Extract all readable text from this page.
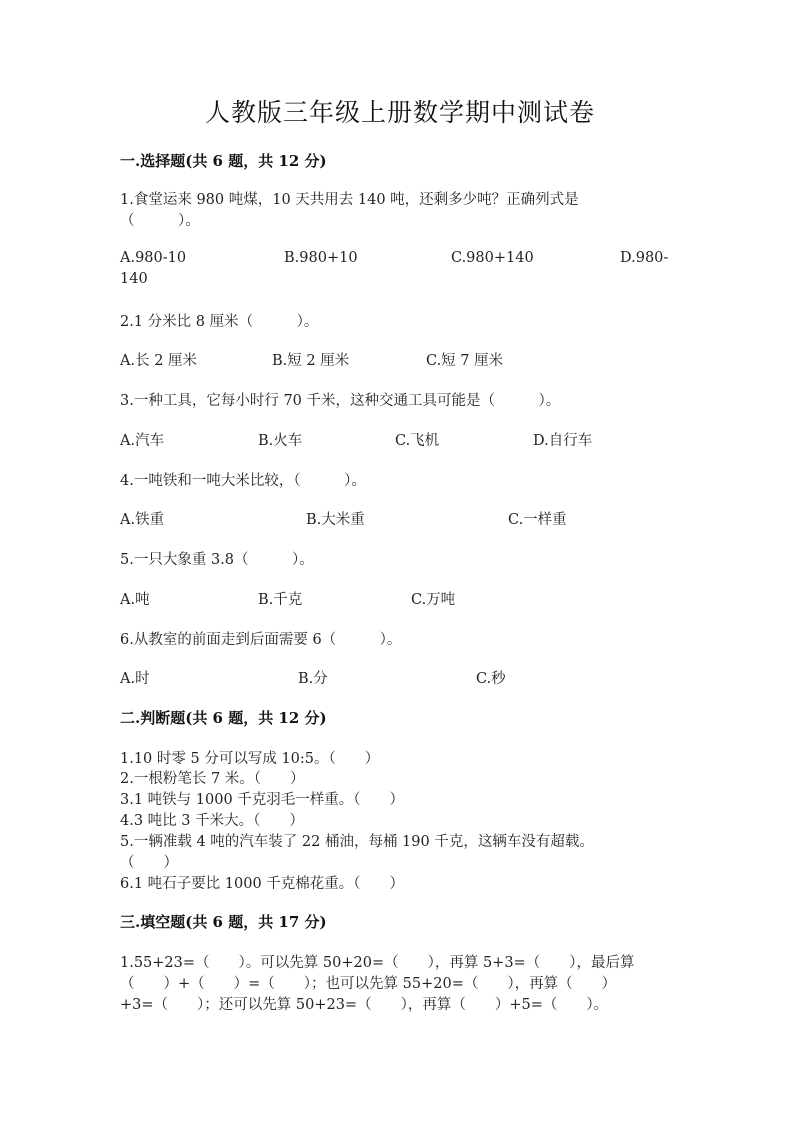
人教版三年级上册数学期中测试卷
一.选择题(共 6 题，共 12 分)
1.食堂运来 980 吨煤，10 天共用去 140 吨，还剩多少吨？正确列式是
（　　　）。
A.980-10	B.980+10	C.980+140	D.980-
140
2.1 分米比 8 厘米（　　　）。
A.长 2 厘米	B.短 2 厘米	C.短 7 厘米
3.一种工具，它每小时行 70 千米，这种交通工具可能是（　　　）。
A.汽车	B.火车	C.飞机	D.自行车
4.一吨铁和一吨大米比较，（　　　）。
A.铁重	B.大米重	C.一样重
5.一只大象重 3.8（　　　）。
A.吨	B.千克	C.万吨
6.从教室的前面走到后面需要 6（　　　）。
A.时	B.分	C.秒
二.判断题(共 6 题，共 12 分)
1.10 时零 5 分可以写成 10:5。（　　）
2.一根粉笔长 7 米。（　　）
3.1 吨铁与 1000 千克羽毛一样重。（　　）
4.3 吨比 3 千米大。（　　）
5.一辆准载 4 吨的汽车装了 22 桶油，每桶 190 千克，这辆车没有超载。
（　　）
6.1 吨石子要比 1000 千克棉花重。（　　）
三.填空题(共 6 题，共 17 分)
1.55+23=（　　）。可以先算 50+20=（　　），再算 5+3=（　　），最后算
（　　）+（　　）=（　　）；也可以先算 55+20=（　　），再算（　　）
+3=（　　）；还可以先算 50+23=（　　），再算（　　）+5=（　　）。
